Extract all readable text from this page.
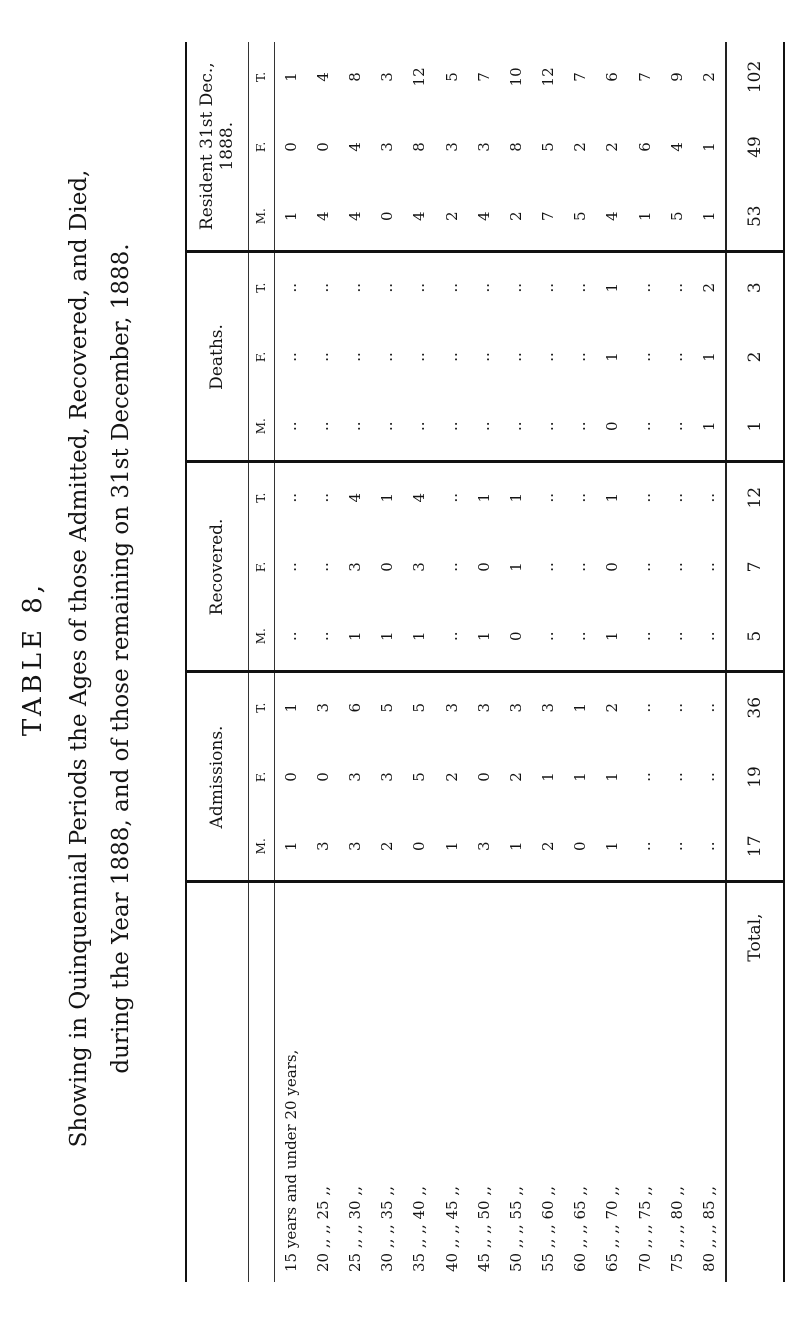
TABLE 8, Showing in Quinquennial Periods the Ages of those Admitted, Recovered, and Died, during the Year 1888, and of those remaining on 31st December, 1888.
		Admissions.			Recovered.			Deaths.			Resident 31st Dec., 1888.		
	M.	F.	T.	M.	F.	T.	M.	F.	T.	M.	F.	T.
15 years and under 20 years,	1	0	1	..	..	..	..	..	..	1	0	1
20 ,, ,, 25 ,,	3	0	3	..	..	..	..	..	..	4	0	4
25 ,, ,, 30 ,,	3	3	6	1	3	4	..	..	..	4	4	8
30 ,, ,, 35 ,,	2	3	5	1	0	1	..	..	..	0	3	3
35 ,, ,, 40 ,,	0	5	5	1	3	4	..	..	..	4	8	12
40 ,, ,, 45 ,,	1	2	3	..	..	..	..	..	..	2	3	5
45 ,, ,, 50 ,,	3	0	3	1	0	1	..	..	..	4	3	7
50 ,, ,, 55 ,,	1	2	3	0	1	1	..	..	..	2	8	10
55 ,, ,, 60 ,,	2	1	3	..	..	..	..	..	..	7	5	12
60 ,, ,, 65 ,,	0	1	1	..	..	..	..	..	..	5	2	7
65 ,, ,, 70 ,,	1	1	2	1	0	1	0	1	1	4	2	6
70 ,, ,, 75 ,,	..	..	..	..	..	..	..	..	..	1	6	7
75 ,, ,, 80 ,,	..	..	..	..	..	..	..	..	..	5	4	9
80 ,, ,, 85 ,,	..	..	..	..	..	..	1	1	2	1	1	2
Total,	17	19	36	5	7	12	1	2	3	53	49	102
